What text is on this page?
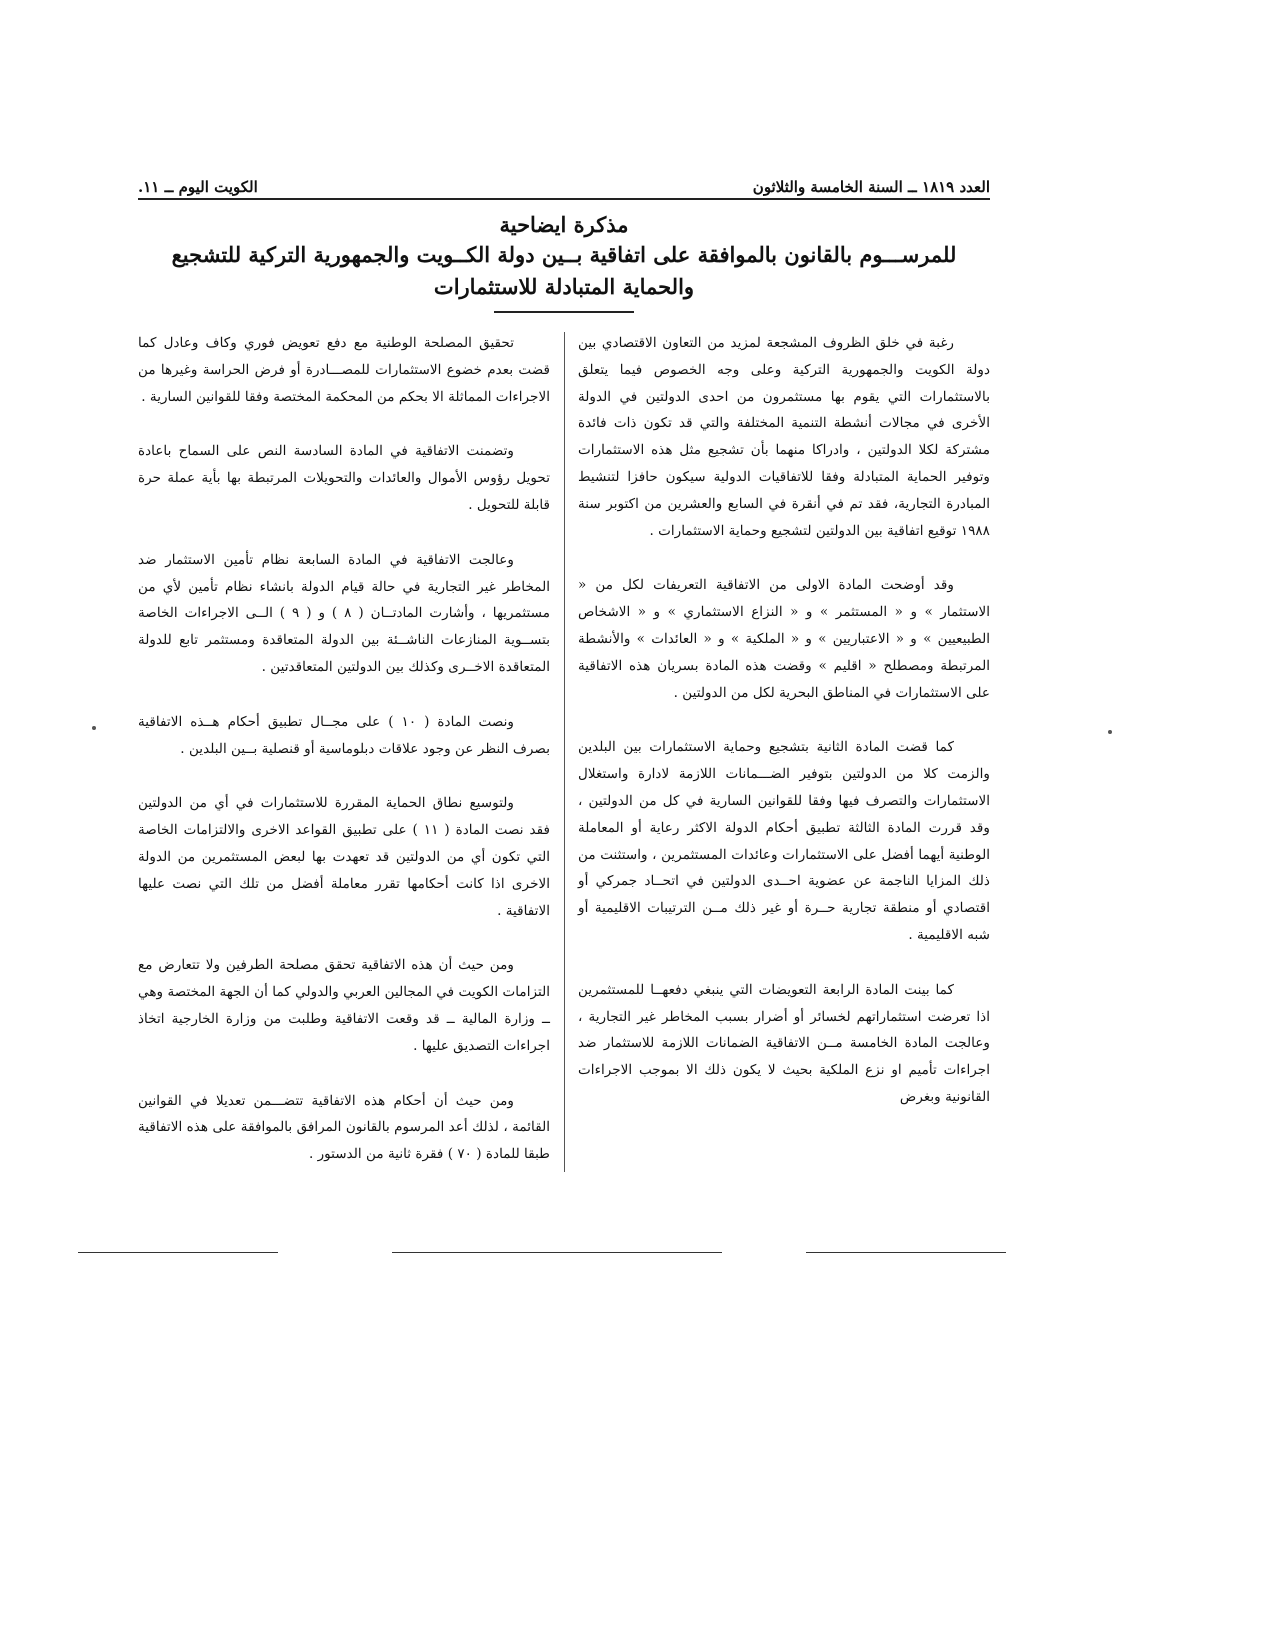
العدد ١٨١٩ ــ السنة الخامسة والثلاثون
الكويت اليوم ــ ١١.
مذكرة ايضاحية
للمرســـوم بالقانون بالموافقة على اتفاقية بــين دولة الكــويت والجمهورية التركية للتشجيع والحماية المتبادلة للاستثمارات

رغبة في خلق الظروف المشجعة لمزيد من التعاون الاقتصادي بين دولة الكويت والجمهورية التركية وعلى وجه الخصوص فيما يتعلق بالاستثمارات التي يقوم بها مستثمرون من احدى الدولتين في الدولة الأخرى في مجالات أنشطة التنمية المختلفة والتي قد تكون ذات فائدة مشتركة لكلا الدولتين ، وادراكا منهما بأن تشجيع مثل هذه الاستثمارات وتوفير الحماية المتبادلة وفقا للاتفاقيات الدولية سيكون حافزا لتنشيط المبادرة التجارية، فقد تم في أنقرة في السابع والعشرين من اكتوبر سنة ١٩٨٨ توقيع اتفاقية بين الدولتين لتشجيع وحماية الاستثمارات .

وقد أوضحت المادة الاولى من الاتفاقية التعريفات لكل من « الاستثمار » و « المستثمر » و « النزاع الاستثماري » و « الاشخاص الطبيعيين » و « الاعتباريين » و « الملكية » و « العائدات » والأنشطة المرتبطة ومصطلح « اقليم » وقضت هذه المادة بسريان هذه الاتفاقية على الاستثمارات في المناطق البحرية لكل من الدولتين .

كما قضت المادة الثانية بتشجيع وحماية الاستثمارات بين البلدين والزمت كلا من الدولتين بتوفير الضـــمانات اللازمة لادارة واستغلال الاستثمارات والتصرف فيها وفقا للقوانين السارية في كل من الدولتين ، وقد قررت المادة الثالثة تطبيق أحكام الدولة الاكثر رعاية أو المعاملة الوطنية أيهما أفضل على الاستثمارات وعائدات المستثمرين ، واستثنت من ذلك المزايا الناجمة عن عضوية احــدى الدولتين في اتحــاد جمركي أو اقتصادي أو منطقة تجارية حــرة أو غير ذلك مــن الترتيبات الاقليمية أو شبه الاقليمية .

كما بينت المادة الرابعة التعويضات التي ينبغي دفعهــا للمستثمرين اذا تعرضت استثماراتهم لخسائر أو أضرار بسبب المخاطر غير التجارية ، وعالجت المادة الخامسة مــن الاتفاقية الضمانات اللازمة للاستثمار ضد اجراءات تأميم او نزع الملكية بحيث لا يكون ذلك الا بموجب الاجراءات القانونية وبغرض

تحقيق المصلحة الوطنية مع دفع تعويض فوري وكاف وعادل كما قضت بعدم خضوع الاستثمارات للمصـــادرة أو فرض الحراسة وغيرها من الاجراءات المماثلة الا بحكم من المحكمة المختصة وفقا للقوانين السارية .

وتضمنت الاتفاقية في المادة السادسة النص على السماح باعادة تحويل رؤوس الأموال والعائدات والتحويلات المرتبطة بها بأية عملة حرة قابلة للتحويل .

وعالجت الاتفاقية في المادة السابعة نظام تأمين الاستثمار ضد المخاطر غير التجارية في حالة قيام الدولة بانشاء نظام تأمين لأي من مستثمريها ، وأشارت المادتــان ( ٨ ) و ( ٩ ) الــى الاجراءات الخاصة بتســوية المنازعات الناشــئة بين الدولة المتعاقدة ومستثمر تابع للدولة المتعاقدة الاخــرى وكذلك بين الدولتين المتعاقدتين .

ونصت المادة ( ١٠ ) على مجــال تطبيق أحكام هــذه الاتفاقية بصرف النظر عن وجود علاقات دبلوماسية أو قنصلية بــين البلدين .

ولتوسيع نطاق الحماية المقررة للاستثمارات في أي من الدولتين فقد نصت المادة ( ١١ ) على تطبيق القواعد الاخرى والالتزامات الخاصة التي تكون أي من الدولتين قد تعهدت بها لبعض المستثمرين من الدولة الاخرى اذا كانت أحكامها تقرر معاملة أفضل من تلك التي نصت عليها الاتفاقية .

ومن حيث أن هذه الاتفاقية تحقق مصلحة الطرفين ولا تتعارض مع التزامات الكويت في المجالين العربي والدولي كما أن الجهة المختصة وهي ــ وزارة المالية ــ قد وقعت الاتفاقية وطلبت من وزارة الخارجية اتخاذ اجراءات التصديق عليها .

ومن حيث أن أحكام هذه الاتفاقية تتضـــمن تعديلا في القوانين القائمة ، لذلك أعد المرسوم بالقانون المرافق بالموافقة على هذه الاتفاقية طبقا للمادة ( ٧٠ ) فقرة ثانية من الدستور .
